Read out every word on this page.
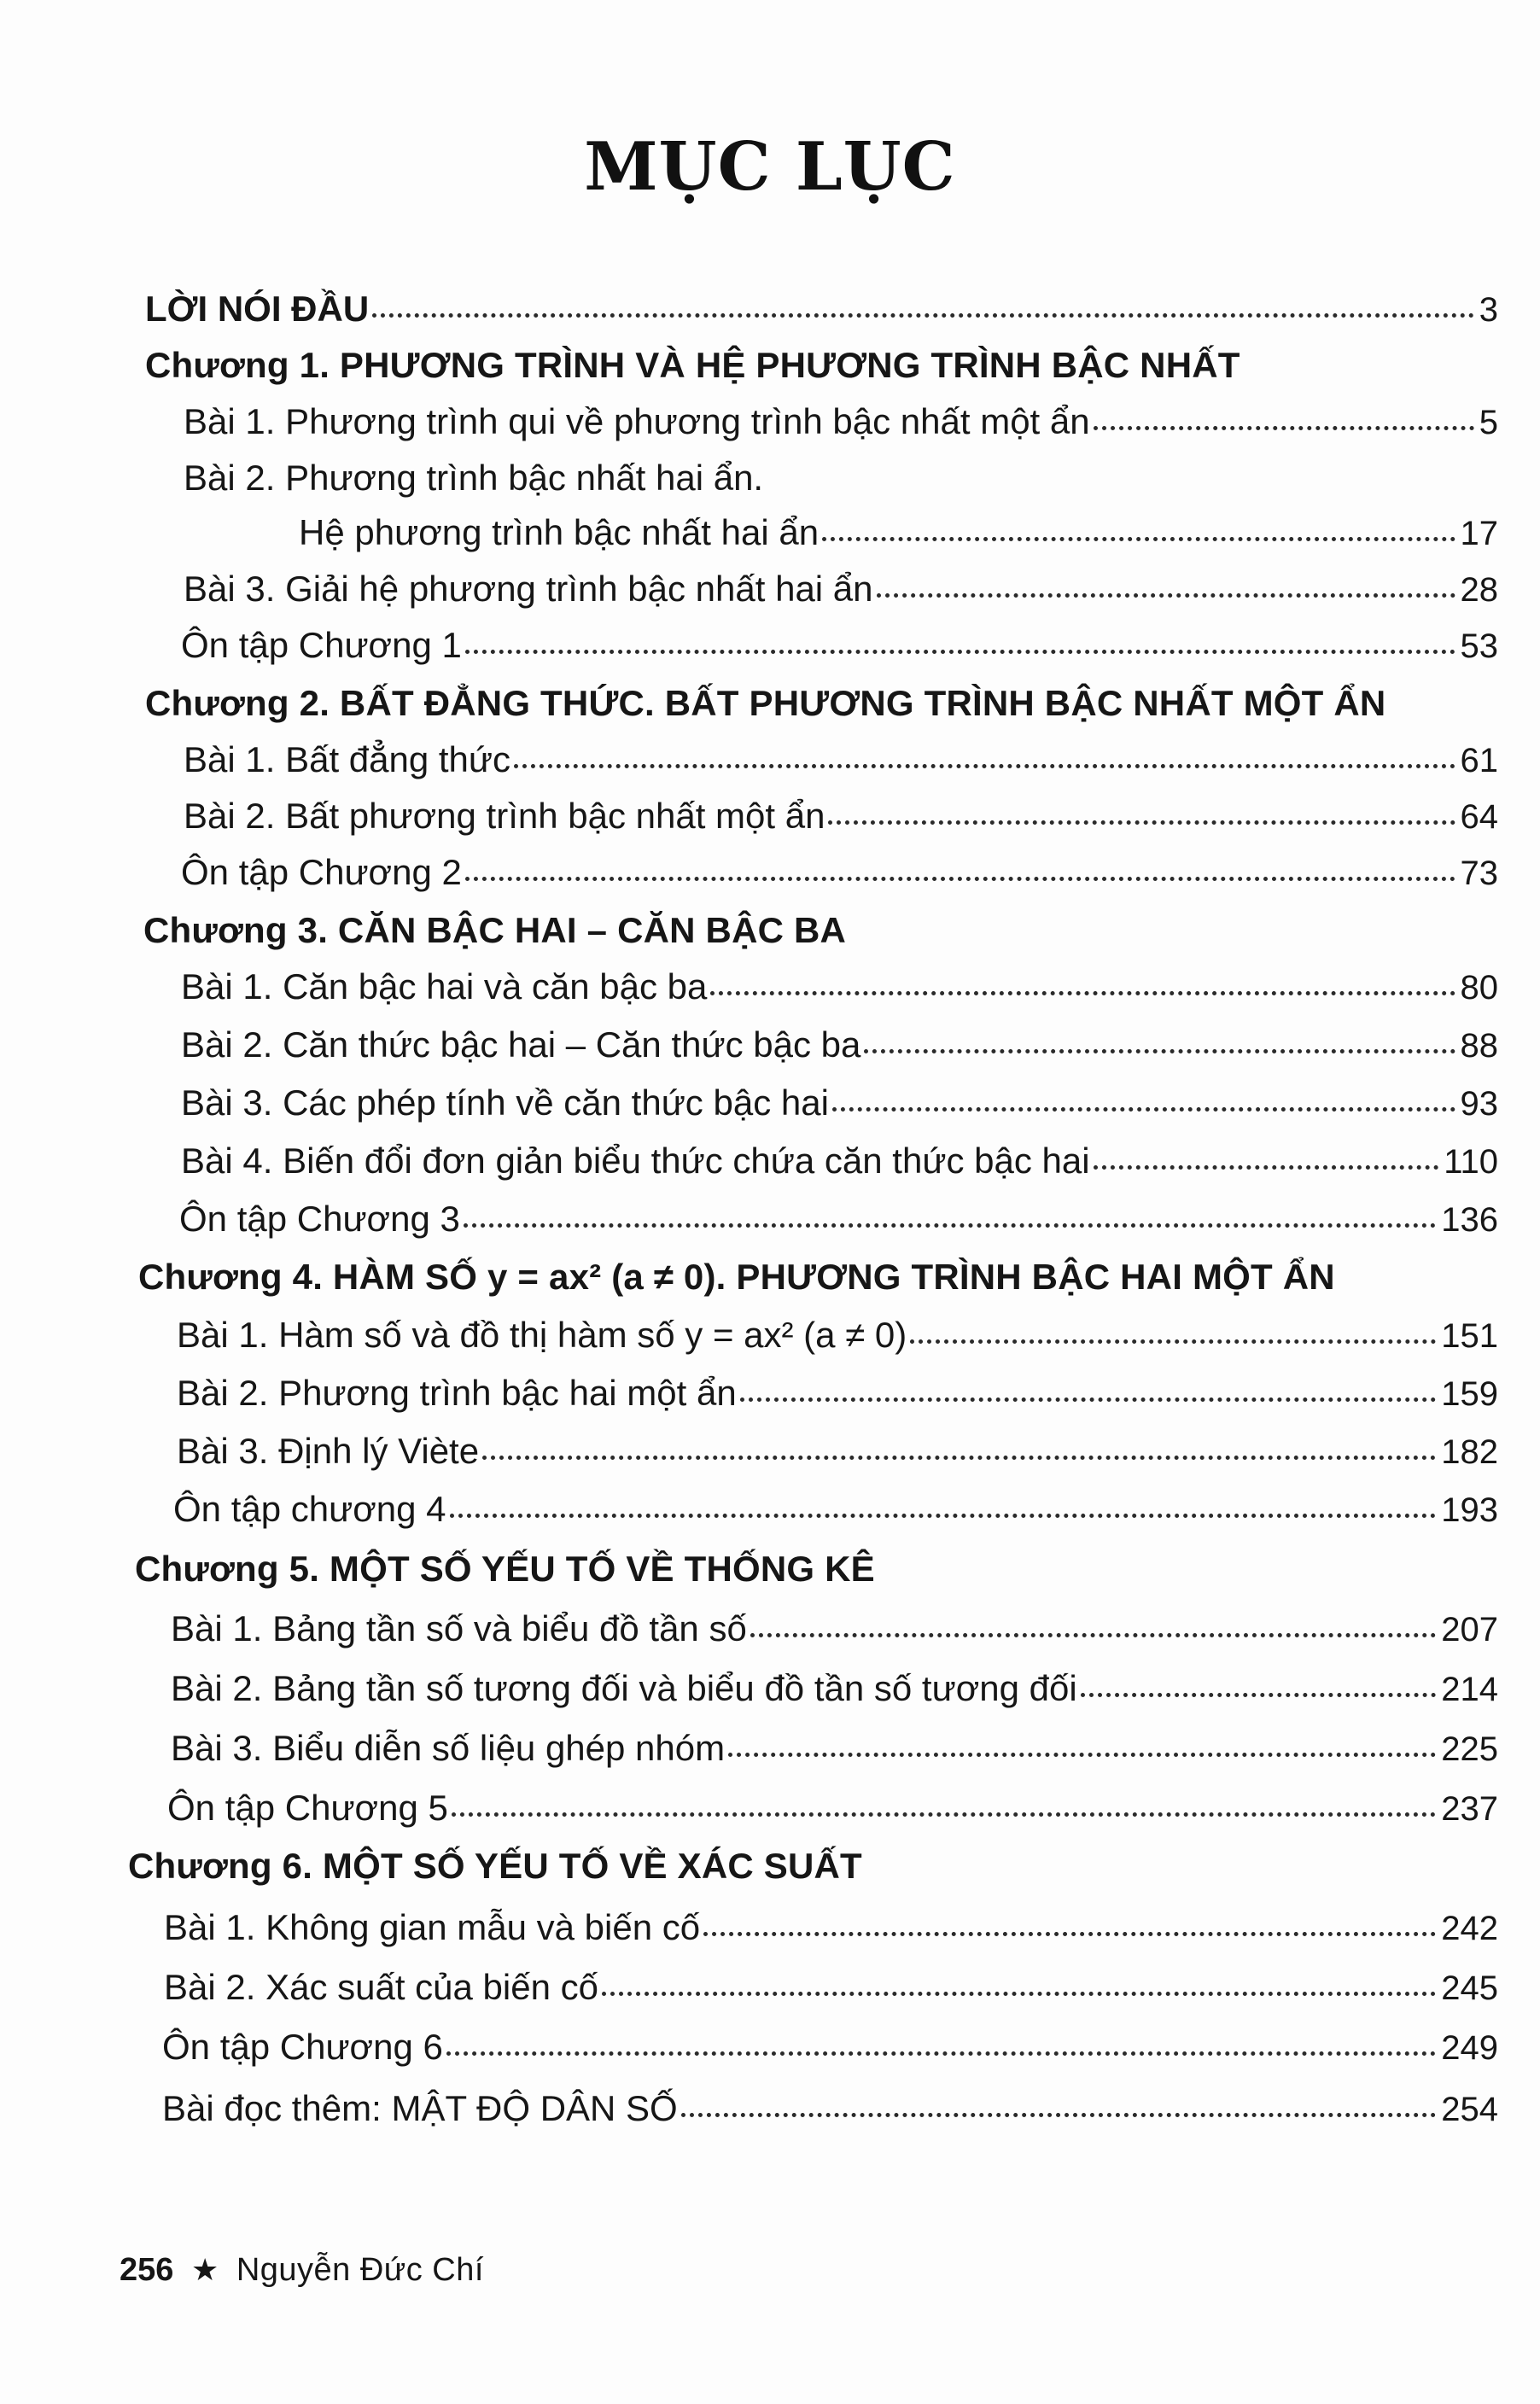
MỤC LỤC
LỜI NÓI ĐẦU	3
Chương 1. PHƯƠNG TRÌNH VÀ HỆ PHƯƠNG TRÌNH BẬC NHẤT
Bài 1. Phương trình qui về phương trình bậc nhất một ẩn	5
Bài 2. Phương trình bậc nhất hai ẩn.
Hệ phương trình bậc nhất hai ẩn	17
Bài 3. Giải hệ phương trình bậc nhất hai ẩn	28
Ôn tập Chương 1	53
Chương 2. BẤT ĐẲNG THỨC. BẤT PHƯƠNG TRÌNH BẬC NHẤT MỘT ẨN
Bài 1. Bất đẳng thức	61
Bài 2. Bất phương trình bậc nhất một ẩn	64
Ôn tập Chương 2	73
Chương 3. CĂN BẬC HAI – CĂN BẬC BA
Bài 1. Căn bậc hai và căn bậc ba	80
Bài 2. Căn thức bậc hai – Căn thức bậc ba	88
Bài 3. Các phép tính về căn thức bậc hai	93
Bài 4. Biến đổi đơn giản biểu thức chứa căn thức bậc hai	110
Ôn tập Chương 3	136
Chương 4. HÀM SỐ y = ax² (a ≠ 0). PHƯƠNG TRÌNH BẬC HAI MỘT ẨN
Bài 1. Hàm số và đồ thị hàm số y = ax² (a ≠ 0)	151
Bài 2. Phương trình bậc hai một ẩn	159
Bài 3. Định lý Viète	182
Ôn tập chương 4	193
Chương 5. MỘT SỐ YẾU TỐ VỀ THỐNG KÊ
Bài 1. Bảng tần số và biểu đồ tần số	207
Bài 2. Bảng tần số tương đối và biểu đồ tần số tương đối	214
Bài 3. Biểu diễn số liệu ghép nhóm	225
Ôn tập Chương 5	237
Chương 6. MỘT SỐ YẾU TỐ VỀ XÁC SUẤT
Bài 1. Không gian mẫu và biến cố	242
Bài 2. Xác suất của biến cố	245
Ôn tập Chương 6	249
Bài đọc thêm: MẬT ĐỘ DÂN SỐ	254
256 ★ Nguyễn Đức Chí
